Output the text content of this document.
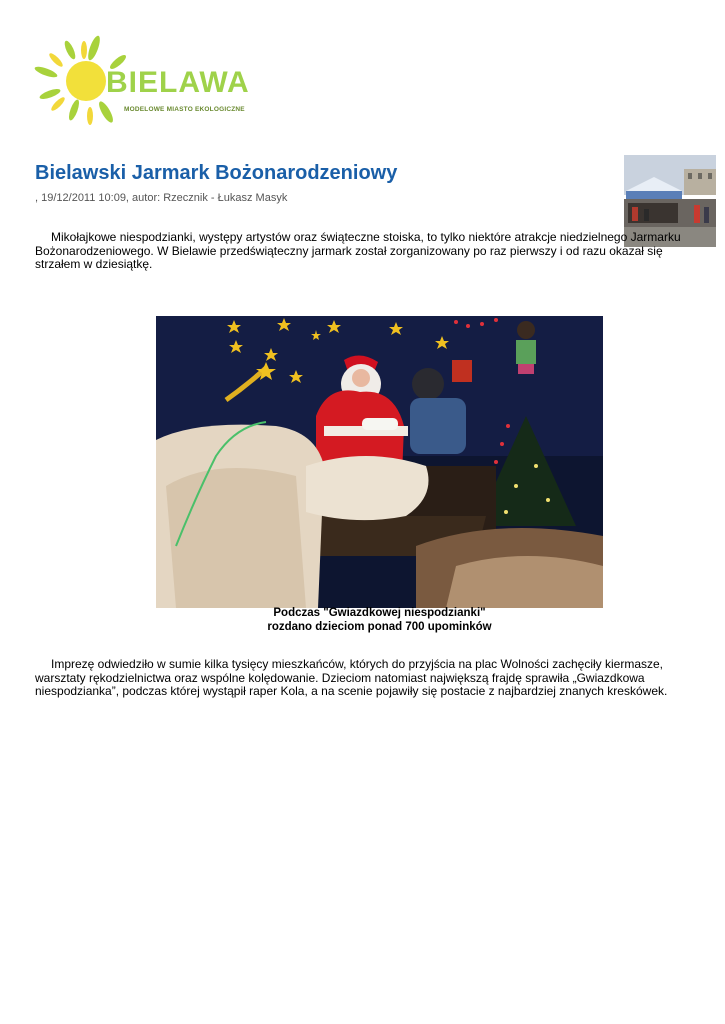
BIELAWA
MODELOWE MIASTO EKOLOGICZNE
Bielawski Jarmark Bożonarodzeniowy
, 19/12/2011 10:09, autor: Rzecznik - Łukasz Masyk

Mikołajkowe niespodzianki, występy artystów oraz świąteczne stoiska, to tylko niektóre atrakcje niedzielnego Jarmarku Bożonarodzeniowego. W Bielawie przedświąteczny jarmark został zorganizowany po raz pierwszy i od razu okazał się strzałem w dziesiątkę.

Podczas "Gwiazdkowej niespodzianki"
rozdano dzieciom ponad 700 upominków

Imprezę odwiedziło w sumie kilka tysięcy mieszkańców, których do przyjścia na plac Wolności zachęciły kiermasze, warsztaty rękodzielnictwa oraz wspólne kolędowanie. Dzieciom natomiast największą frajdę sprawiła „Gwiazdkowa niespodzianka”, podczas której wystąpił raper Kola, a na scenie pojawiły się postacie z najbardziej znanych kreskówek.
